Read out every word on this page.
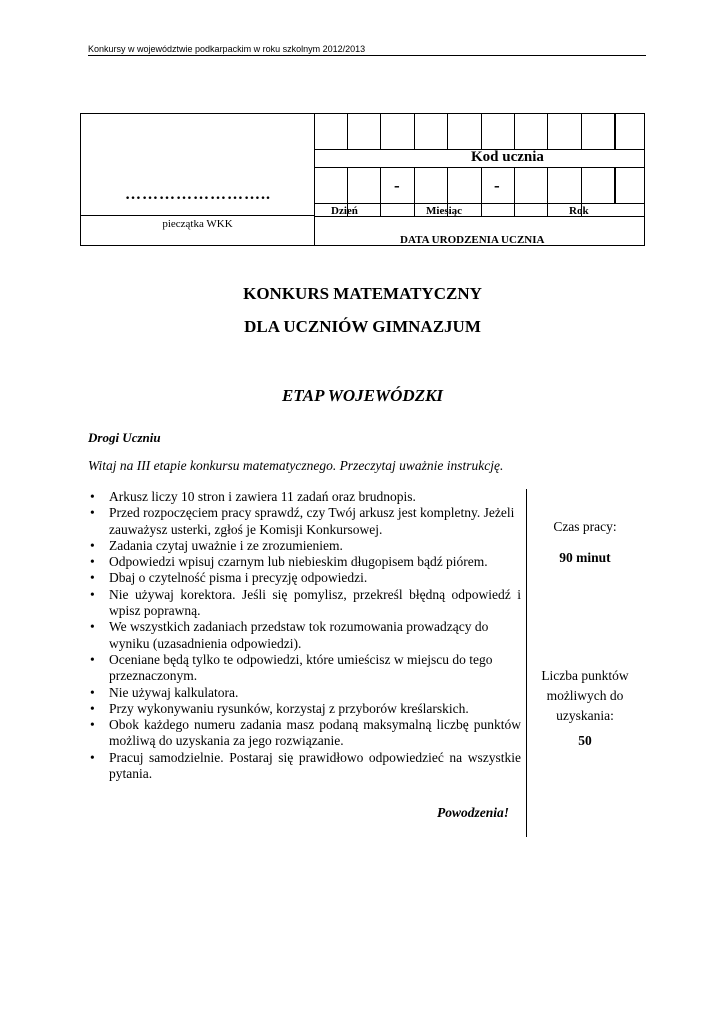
Konkursy w województwie podkarpackim w roku szkolnym 2012/2013
……………………..
pieczątka WKK
Kod ucznia
-	-
Dzień	Miesiąc	Rok
DATA URODZENIA UCZNIA
KONKURS MATEMATYCZNY
DLA UCZNIÓW GIMNAZJUM
ETAP WOJEWÓDZKI
Drogi Uczniu
Witaj na III etapie konkursu matematycznego. Przeczytaj uważnie instrukcję.
• Arkusz liczy 10 stron i zawiera 11 zadań oraz brudnopis.
• Przed rozpoczęciem pracy sprawdź, czy Twój arkusz jest kompletny. Jeżeli zauważysz usterki, zgłoś je Komisji Konkursowej.
• Zadania czytaj uważnie i ze zrozumieniem.
• Odpowiedzi wpisuj czarnym lub niebieskim długopisem bądź piórem.
• Dbaj o czytelność pisma i precyzję odpowiedzi.
• Nie używaj korektora. Jeśli się pomylisz, przekreśl błędną odpowiedź i wpisz poprawną.
• We wszystkich zadaniach przedstaw tok rozumowania prowadzący do wyniku (uzasadnienia odpowiedzi).
• Oceniane będą tylko te odpowiedzi, które umieścisz w miejscu do tego przeznaczonym.
• Nie używaj kalkulatora.
• Przy wykonywaniu rysunków, korzystaj z przyborów kreślarskich.
• Obok każdego numeru zadania masz podaną maksymalną liczbę punktów możliwą do uzyskania za jego rozwiązanie.
• Pracuj samodzielnie. Postaraj się prawidłowo odpowiedzieć na wszystkie pytania.
Czas pracy:
90 minut
Liczba punktów możliwych do uzyskania:
50
Powodzenia!
